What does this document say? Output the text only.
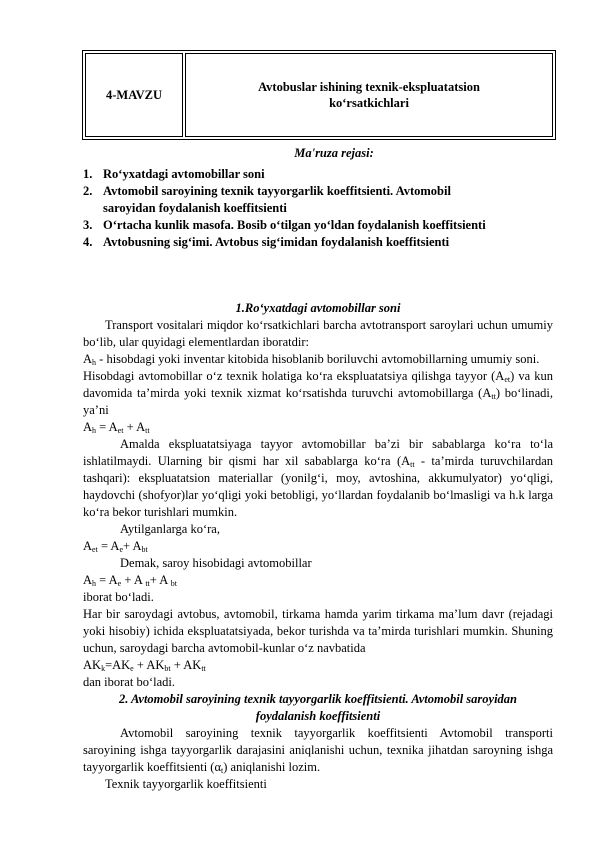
4-MAVZU	
Avtobuslar ishining texnik-ekspluatatsion
ko‘rsatkichlari
Ma'ruza rejasi:
1. Ro‘yxatdagi avtomobillar soni
2. Avtomobil saroyining texnik tayyorgarlik koeffitsienti. Avtomobil
saroyidan foydalanish koeffitsienti
3. O‘rtacha kunlik masofa. Bosib o‘tilgan yo‘ldan foydalanish koeffitsienti
4. Avtobusning sig‘imi. Avtobus sig‘imidan foydalanish koeffitsienti
1.Ro‘yxatdagi avtomobillar soni
Transport vositalari miqdor ko‘rsatkichlari barcha avtotransport saroylari uchun umumiy bo‘lib, ular quyidagi elementlardan iboratdir:
$A_h$ - hisobdagi yoki inventar kitobida hisoblanib boriluvchi avtomobillarning umumiy soni.
Hisobdagi avtomobillar o‘z texnik holatiga ko‘ra ekspluatatsiya qilishga tayyor $(A_{et})$ va kun davomida ta’mirda yoki texnik xizmat ko‘rsatishda turuvchi avtomobillarga $(A_{tt})$ bo‘linadi, ya’ni
$A_h = A_{et} + A_{tt}$
Amalda ekspluatatsiyaga tayyor avtomobillar ba’zi bir sabablarga ko‘ra to‘la ishlatilmaydi. Ularning bir qismi har xil sabablarga ko‘ra ($A_{tt}$ - ta’mirda turuvchilardan tashqari): ekspluatatsion materiallar (yonilg‘i, moy, avtoshina, akkumulyator) yo‘qligi, haydovchi (shofyor)lar yo‘qligi yoki betobligi, yo‘llardan foydalanib bo‘lmasligi va h.k larga ko‘ra bekor turishlari mumkin.
Aytilganlarga ko‘ra,
$A_{et} = A_e+ A_{bt}$
Demak, saroy hisobidagi avtomobillar
$A_h = A_e + A$ $_{tt}$+ A $_{bt}$
iborat bo‘ladi.
Har bir saroydagi avtobus, avtomobil, tirkama hamda yarim tirkama ma’lum davr (rejadagi yoki hisobiy) ichida ekspluatatsiyada, bekor turishda va ta’mirda turishlari mumkin. Shuning uchun, saroydagi barcha avtomobil-kunlar o‘z navbatida
$AK_k=AK_e + AK_{bt} + AK_{tt}$
dan iborat bo‘ladi.
2. Avtomobil saroyining texnik tayyorgarlik koeffitsienti. Avtomobil saroyidan
foydalanish koeffitsienti
Avtomobil saroyining texnik tayyorgarlik koeffitsienti Avtomobil transporti saroyining ishga tayyorgarlik darajasini aniqlanishi uchun, texnika jihatdan saroyning ishga tayyorgarlik koeffitsienti $(\alpha_t)$ aniqlanishi lozim.
Texnik tayyorgarlik koeffitsienti
